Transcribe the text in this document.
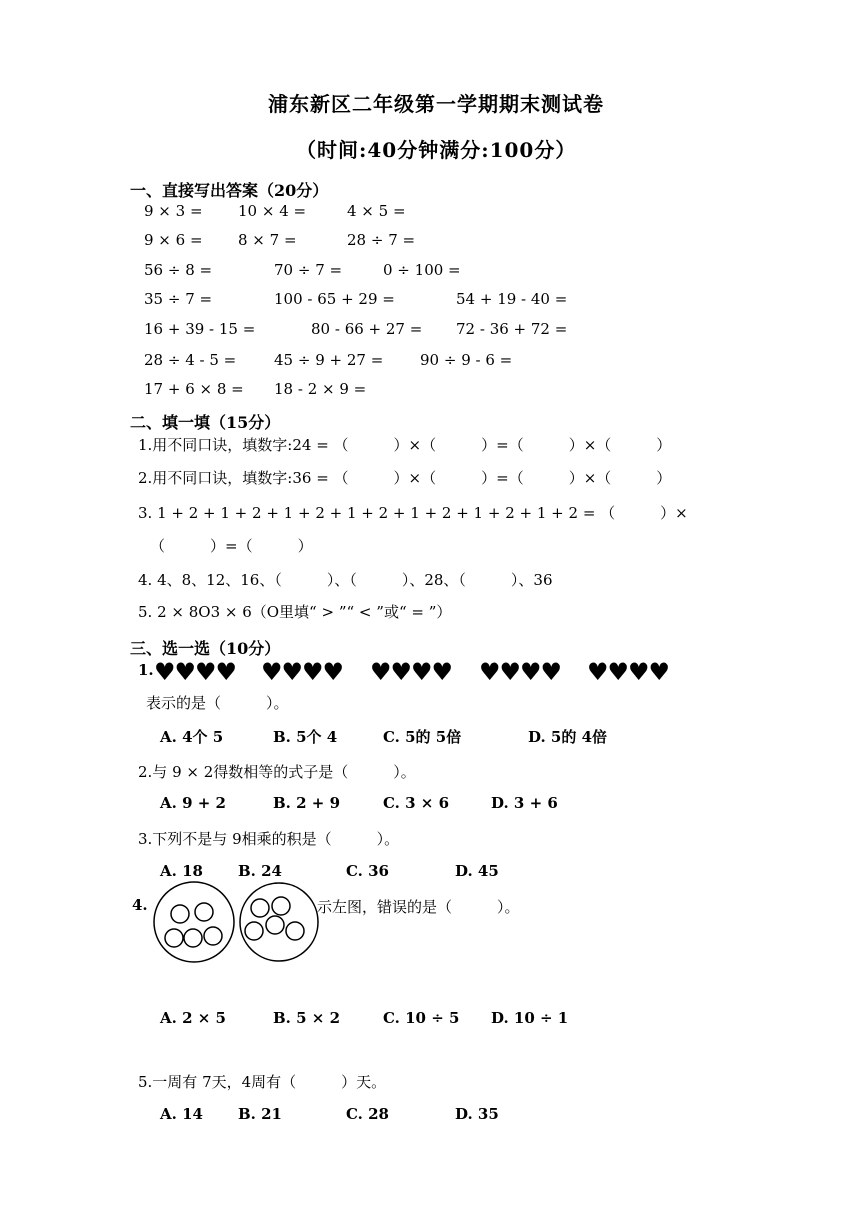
浦东新区二年级第一学期期末测试卷
（时间:40分钟满分:100分）
一、直接写出答案（20分）
9 × 3 = 10 × 4 =	4 × 5 =
9 × 6 = 8 × 7 =	28 ÷ 7 =
56 ÷ 8 =	70 ÷ 7 =	0 ÷ 100 =
35 ÷ 7 =	100 - 65 + 29 =	54 + 19 - 40 =
16 + 39 - 15 =	80 - 66 + 27 = 72 - 36 + 72 =
28 ÷ 4 - 5 =	45 ÷ 9 + 27 = 90 ÷ 9 - 6 =
17 + 6 × 8 = 18 - 2 × 9 =
二、填一填（15分）
1.用不同口诀，填数字:24 = （　　　）×（　　　）=（　　　）×（　　　）
2.用不同口诀，填数字:36 = （　　　）×（　　　）=（　　　）×（　　　）
3. 1 + 2 + 1 + 2 + 1 + 2 + 1 + 2 + 1 + 2 + 1 + 2 + 1 + 2 = （　　　）×
（　　　）=（　　　）
4. 4、8、12、16、（　　　）、（　　　）、28、（　　　）、36
5. 2 × 8O3 × 6（O里填“ > ”“ < ”或“ = ”）
三、选一选（10分）
1. ♥♥♥♥ ♥♥♥♥ ♥♥♥♥ ♥♥♥♥ ♥♥♥♥
表示的是（　　　）。
A. 4个 5	B. 5个 4	C. 5的 5倍	D. 5的 4倍
2.与 9 × 2得数相等的式子是（　　　）。
A. 9 + 2	B. 2 + 9	C. 3 × 6	D. 3 + 6
3.下列不是与 9相乘的积是（　　　）。
A. 18 B. 24	C. 36	D. 45
4.	示左图，错误的是（　　　）。
A. 2 × 5	B. 5 × 2	C. 10 ÷ 5 D. 10 ÷ 1
5.一周有 7天，4周有（　　　）天。
A. 14 B. 21	C. 28	D. 35
